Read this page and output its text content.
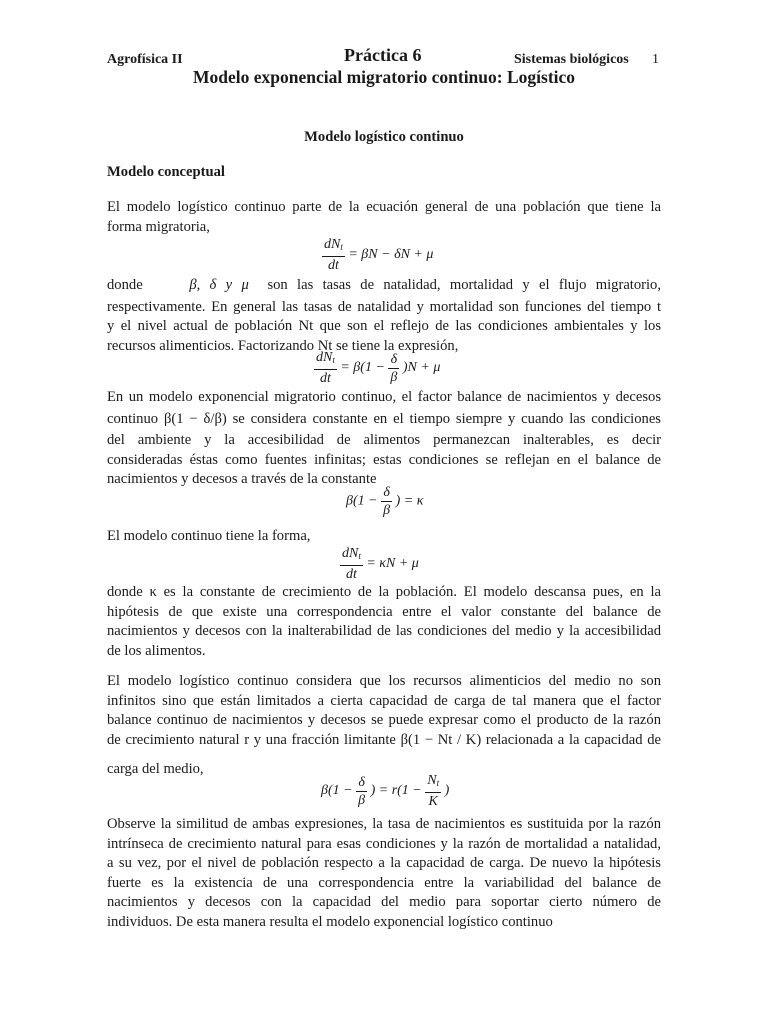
Agrofísica II	Práctica 6	Sistemas biológicos 1
Modelo exponencial migratorio continuo: Logístico
Modelo logístico continuo
Modelo conceptual
El modelo logístico continuo parte de la ecuación general de una población que tiene la
forma migratoria,
$\frac{dN_t}{dt} = \beta N - \delta N + \mu$
donde	β, δ y μ son las tasas de natalidad, mortalidad y el flujo migratorio,
respectivamente. En general las tasas de natalidad y mortalidad son funciones del tiempo t
y el nivel actual de población Nt que son el reflejo de las condiciones ambientales y los
recursos alimenticios. Factorizando Nt se tiene la expresión,
$\frac{dN_t}{dt} = \beta(1 - \frac{\delta}{\beta} )N + \mu$
En un modelo exponencial migratorio continuo, el factor balance de nacimientos y decesos
continuo β(1 − δ/β) se considera constante en el tiempo siempre y cuando las condiciones
del ambiente y la accesibilidad de alimentos permanezcan inalterables, es decir
consideradas éstas como fuentes infinitas; estas condiciones se reflejan en el balance de
nacimientos y decesos a través de la constante
$\beta(1 - \frac{\delta}{\beta}$ ) = κ
El modelo continuo tiene la forma,
$\frac{dN_t}{dt} = \kappa N + \mu$
donde κ es la constante de crecimiento de la población. El modelo descansa pues, en la
hipótesis de que existe una correspondencia entre el valor constante del balance de
nacimientos y decesos con la inalterabilidad de las condiciones del medio y la accesibilidad
de los alimentos.
El modelo logístico continuo considera que los recursos alimenticios del medio no son
infinitos sino que están limitados a cierta capacidad de carga de tal manera que el factor
balance continuo de nacimientos y decesos se puede expresar como el producto de la razón
de crecimiento natural r y una fracción limitante β(1 − Nt / K) relacionada a la capacidad de
carga del medio,
$\beta(1 - \frac{\delta}{\beta}$ ) = $r(1 - \frac{N_t}{K}$ )
Observe la similitud de ambas expresiones, la tasa de nacimientos es sustituida por la razón
intrínseca de crecimiento natural para esas condiciones y la razón de mortalidad a natalidad,
a su vez, por el nivel de población respecto a la capacidad de carga. De nuevo la hipótesis
fuerte es la existencia de una correspondencia entre la variabilidad del balance de
nacimientos y decesos con la capacidad del medio para soportar cierto número de
individuos. De esta manera resulta el modelo exponencial logístico continuo
